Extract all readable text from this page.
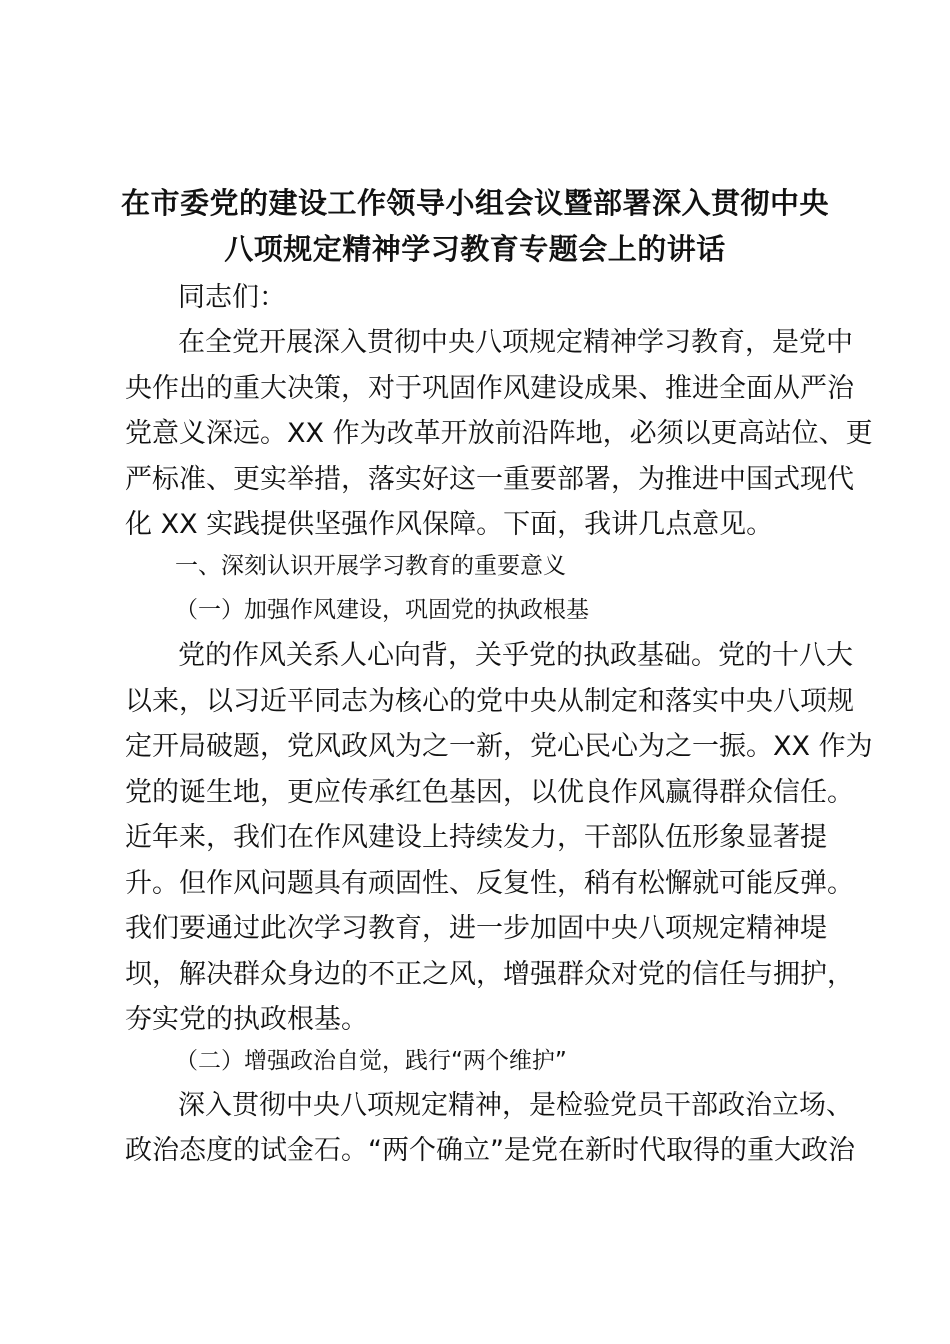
在市委党的建设工作领导小组会议暨部署深入贯彻中央
八项规定精神学习教育专题会上的讲话
同志们：
在全党开展深入贯彻中央八项规定精神学习教育，是党中
央作出的重大决策，对于巩固作风建设成果、推进全面从严治
党意义深远。XX 作为改革开放前沿阵地，必须以更高站位、更
严标准、更实举措，落实好这一重要部署，为推进中国式现代
化 XX 实践提供坚强作风保障。下面，我讲几点意见。
一、深刻认识开展学习教育的重要意义
（一）加强作风建设，巩固党的执政根基
党的作风关系人心向背，关乎党的执政基础。党的十八大
以来，以习近平同志为核心的党中央从制定和落实中央八项规
定开局破题，党风政风为之一新，党心民心为之一振。XX 作为
党的诞生地，更应传承红色基因，以优良作风赢得群众信任。
近年来，我们在作风建设上持续发力，干部队伍形象显著提
升。但作风问题具有顽固性、反复性，稍有松懈就可能反弹。
我们要通过此次学习教育，进一步加固中央八项规定精神堤
坝，解决群众身边的不正之风，增强群众对党的信任与拥护，
夯实党的执政根基。
（二）增强政治自觉，践行“两个维护”
深入贯彻中央八项规定精神，是检验党员干部政治立场、
政治态度的试金石。“两个确立”是党在新时代取得的重大政治
